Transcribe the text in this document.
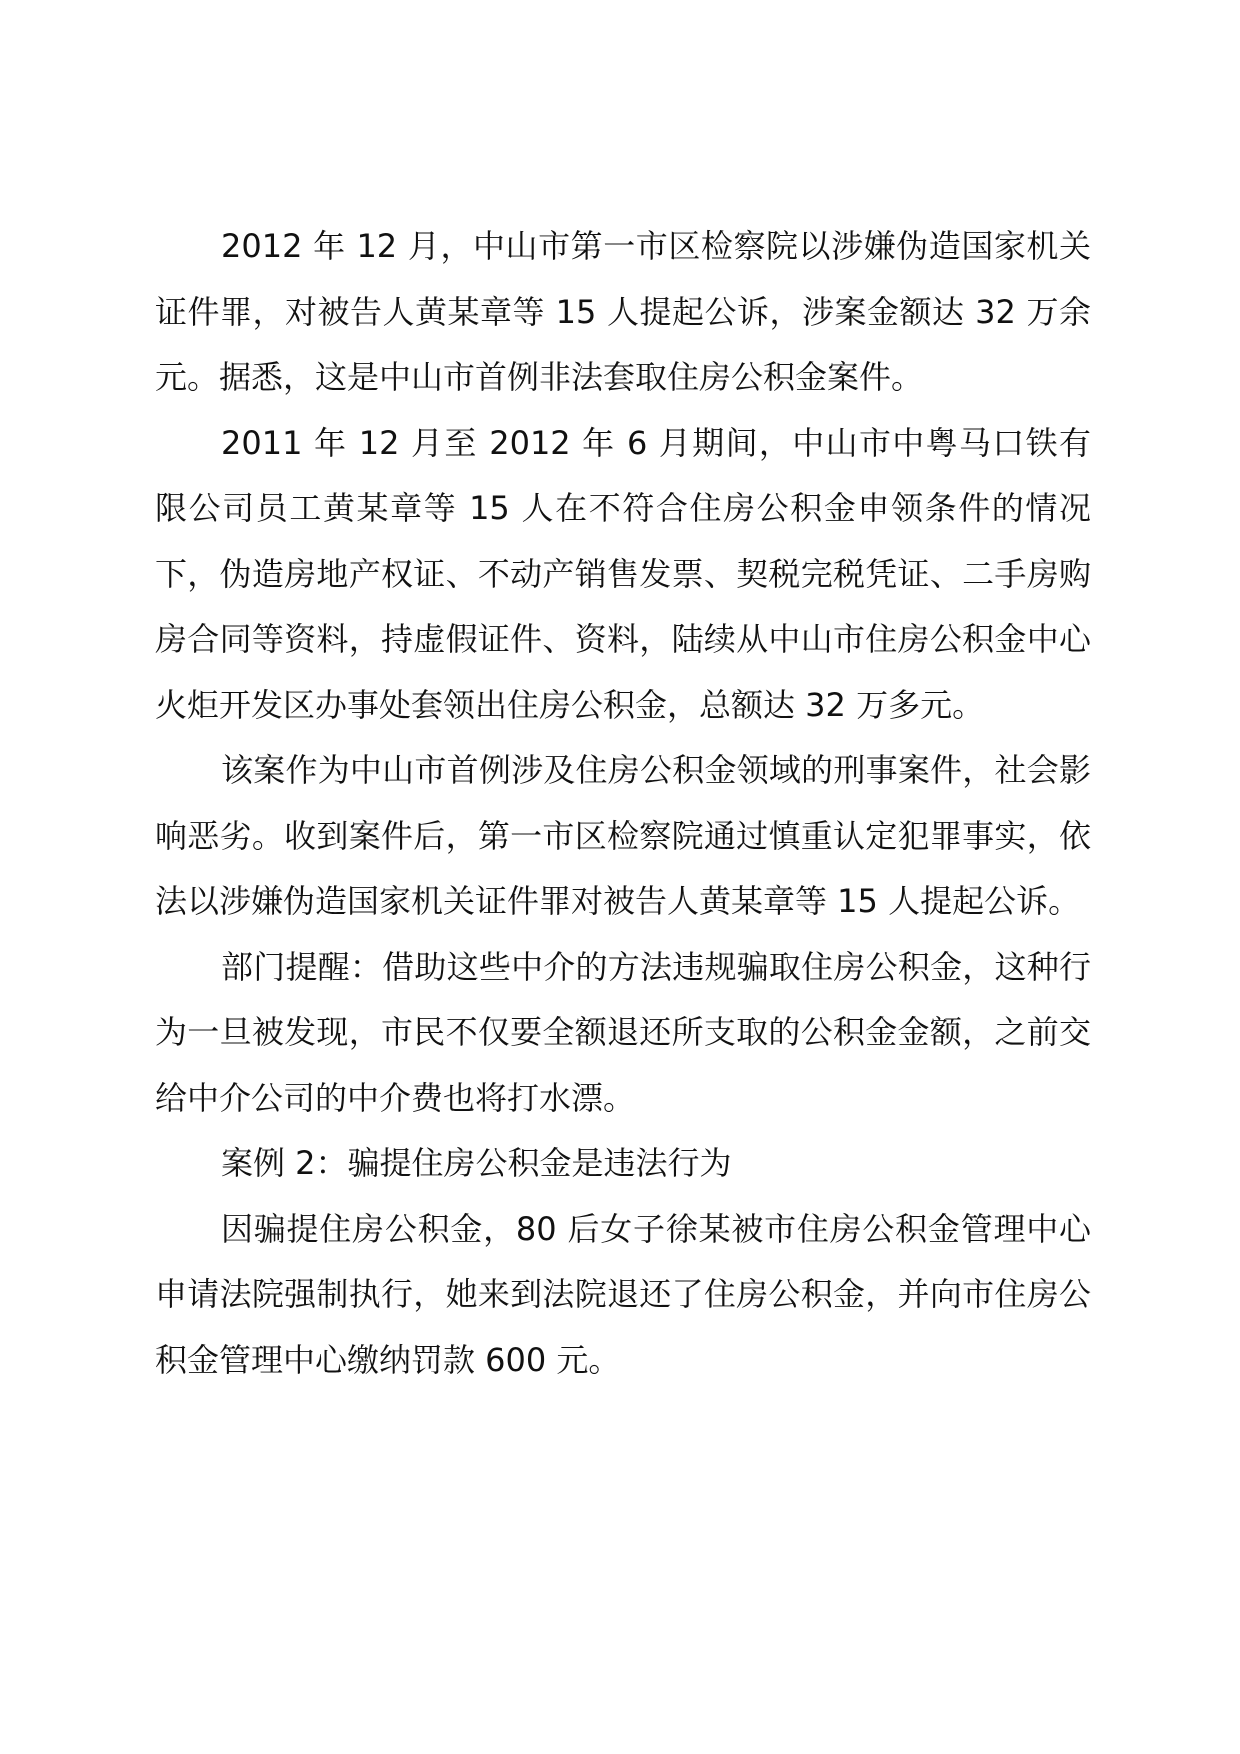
2012 年 12 月，中山市第一市区检察院以涉嫌伪造国家机关证件罪，对被告人黄某章等 15 人提起公诉，涉案金额达 32 万余元。据悉，这是中山市首例非法套取住房公积金案件。

2011 年 12 月至 2012 年 6 月期间，中山市中粤马口铁有限公司员工黄某章等 15 人在不符合住房公积金申领条件的情况下，伪造房地产权证、不动产销售发票、契税完税凭证、二手房购房合同等资料，持虚假证件、资料，陆续从中山市住房公积金中心火炬开发区办事处套领出住房公积金，总额达 32 万多元。

该案作为中山市首例涉及住房公积金领域的刑事案件，社会影响恶劣。收到案件后，第一市区检察院通过慎重认定犯罪事实，依法以涉嫌伪造国家机关证件罪对被告人黄某章等 15 人提起公诉。

部门提醒：借助这些中介的方法违规骗取住房公积金，这种行为一旦被发现，市民不仅要全额退还所支取的公积金金额，之前交给中介公司的中介费也将打水漂。

案例 2：骗提住房公积金是违法行为

因骗提住房公积金，80 后女子徐某被市住房公积金管理中心申请法院强制执行，她来到法院退还了住房公积金，并向市住房公积金管理中心缴纳罚款 600 元。
